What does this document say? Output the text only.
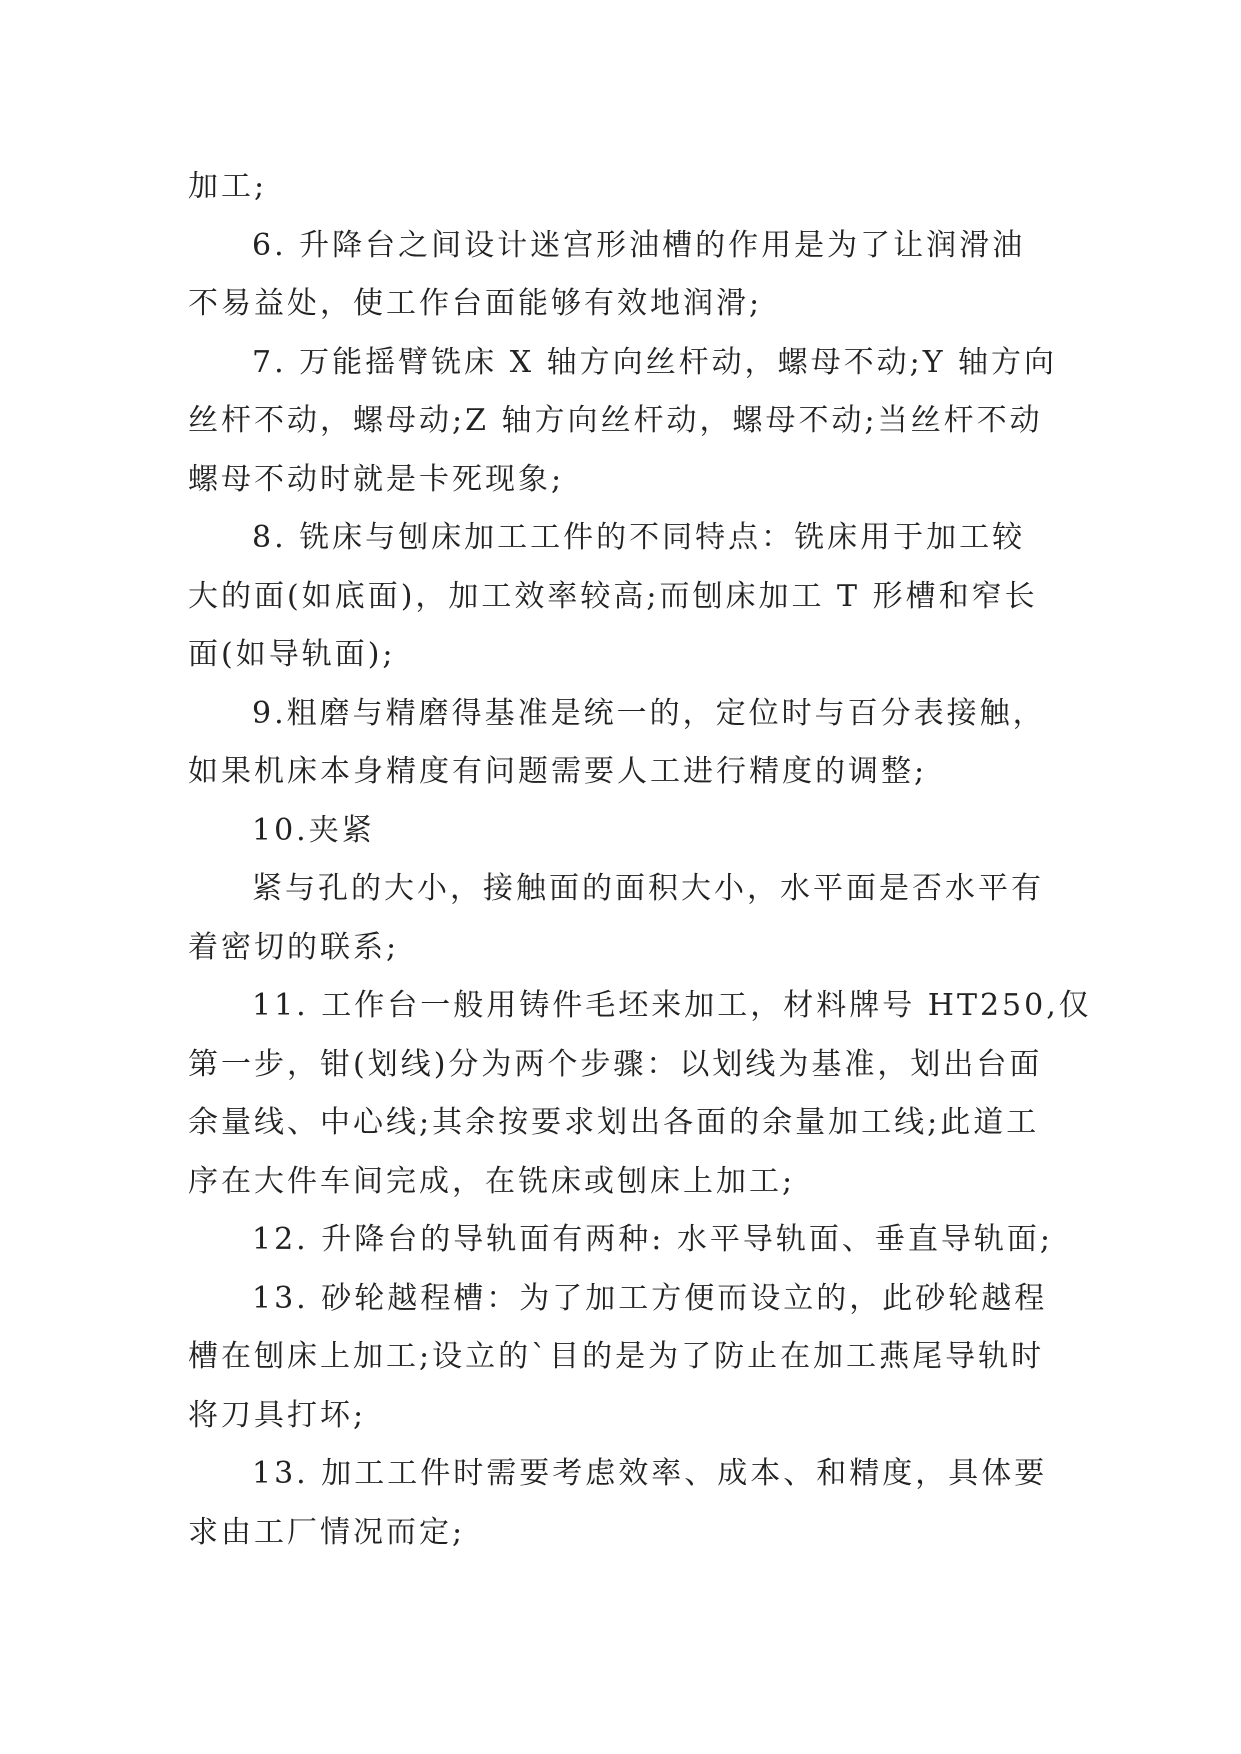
加工;
6. 升降台之间设计迷宫形油槽的作用是为了让润滑油
不易益处，使工作台面能够有效地润滑;
7. 万能摇臂铣床 X 轴方向丝杆动，螺母不动;Y 轴方向
丝杆不动，螺母动;Z 轴方向丝杆动，螺母不动;当丝杆不动
螺母不动时就是卡死现象;
8. 铣床与刨床加工工件的不同特点：铣床用于加工较
大的面(如底面)，加工效率较高;而刨床加工 T 形槽和窄长
面(如导轨面);
9.粗磨与精磨得基准是统一的，定位时与百分表接触，
如果机床本身精度有问题需要人工进行精度的调整;
10.夹紧
紧与孔的大小，接触面的面积大小，水平面是否水平有
着密切的联系;
11. 工作台一般用铸件毛坯来加工，材料牌号 HT250,仅
第一步，钳(划线)分为两个步骤：以划线为基准，划出台面
余量线、中心线;其余按要求划出各面的余量加工线;此道工
序在大件车间完成，在铣床或刨床上加工;
12. 升降台的导轨面有两种: 水平导轨面、垂直导轨面;
13. 砂轮越程槽：为了加工方便而设立的，此砂轮越程
槽在刨床上加工;设立的`目的是为了防止在加工燕尾导轨时
将刀具打坏;
13. 加工工件时需要考虑效率、成本、和精度，具体要
求由工厂情况而定;
